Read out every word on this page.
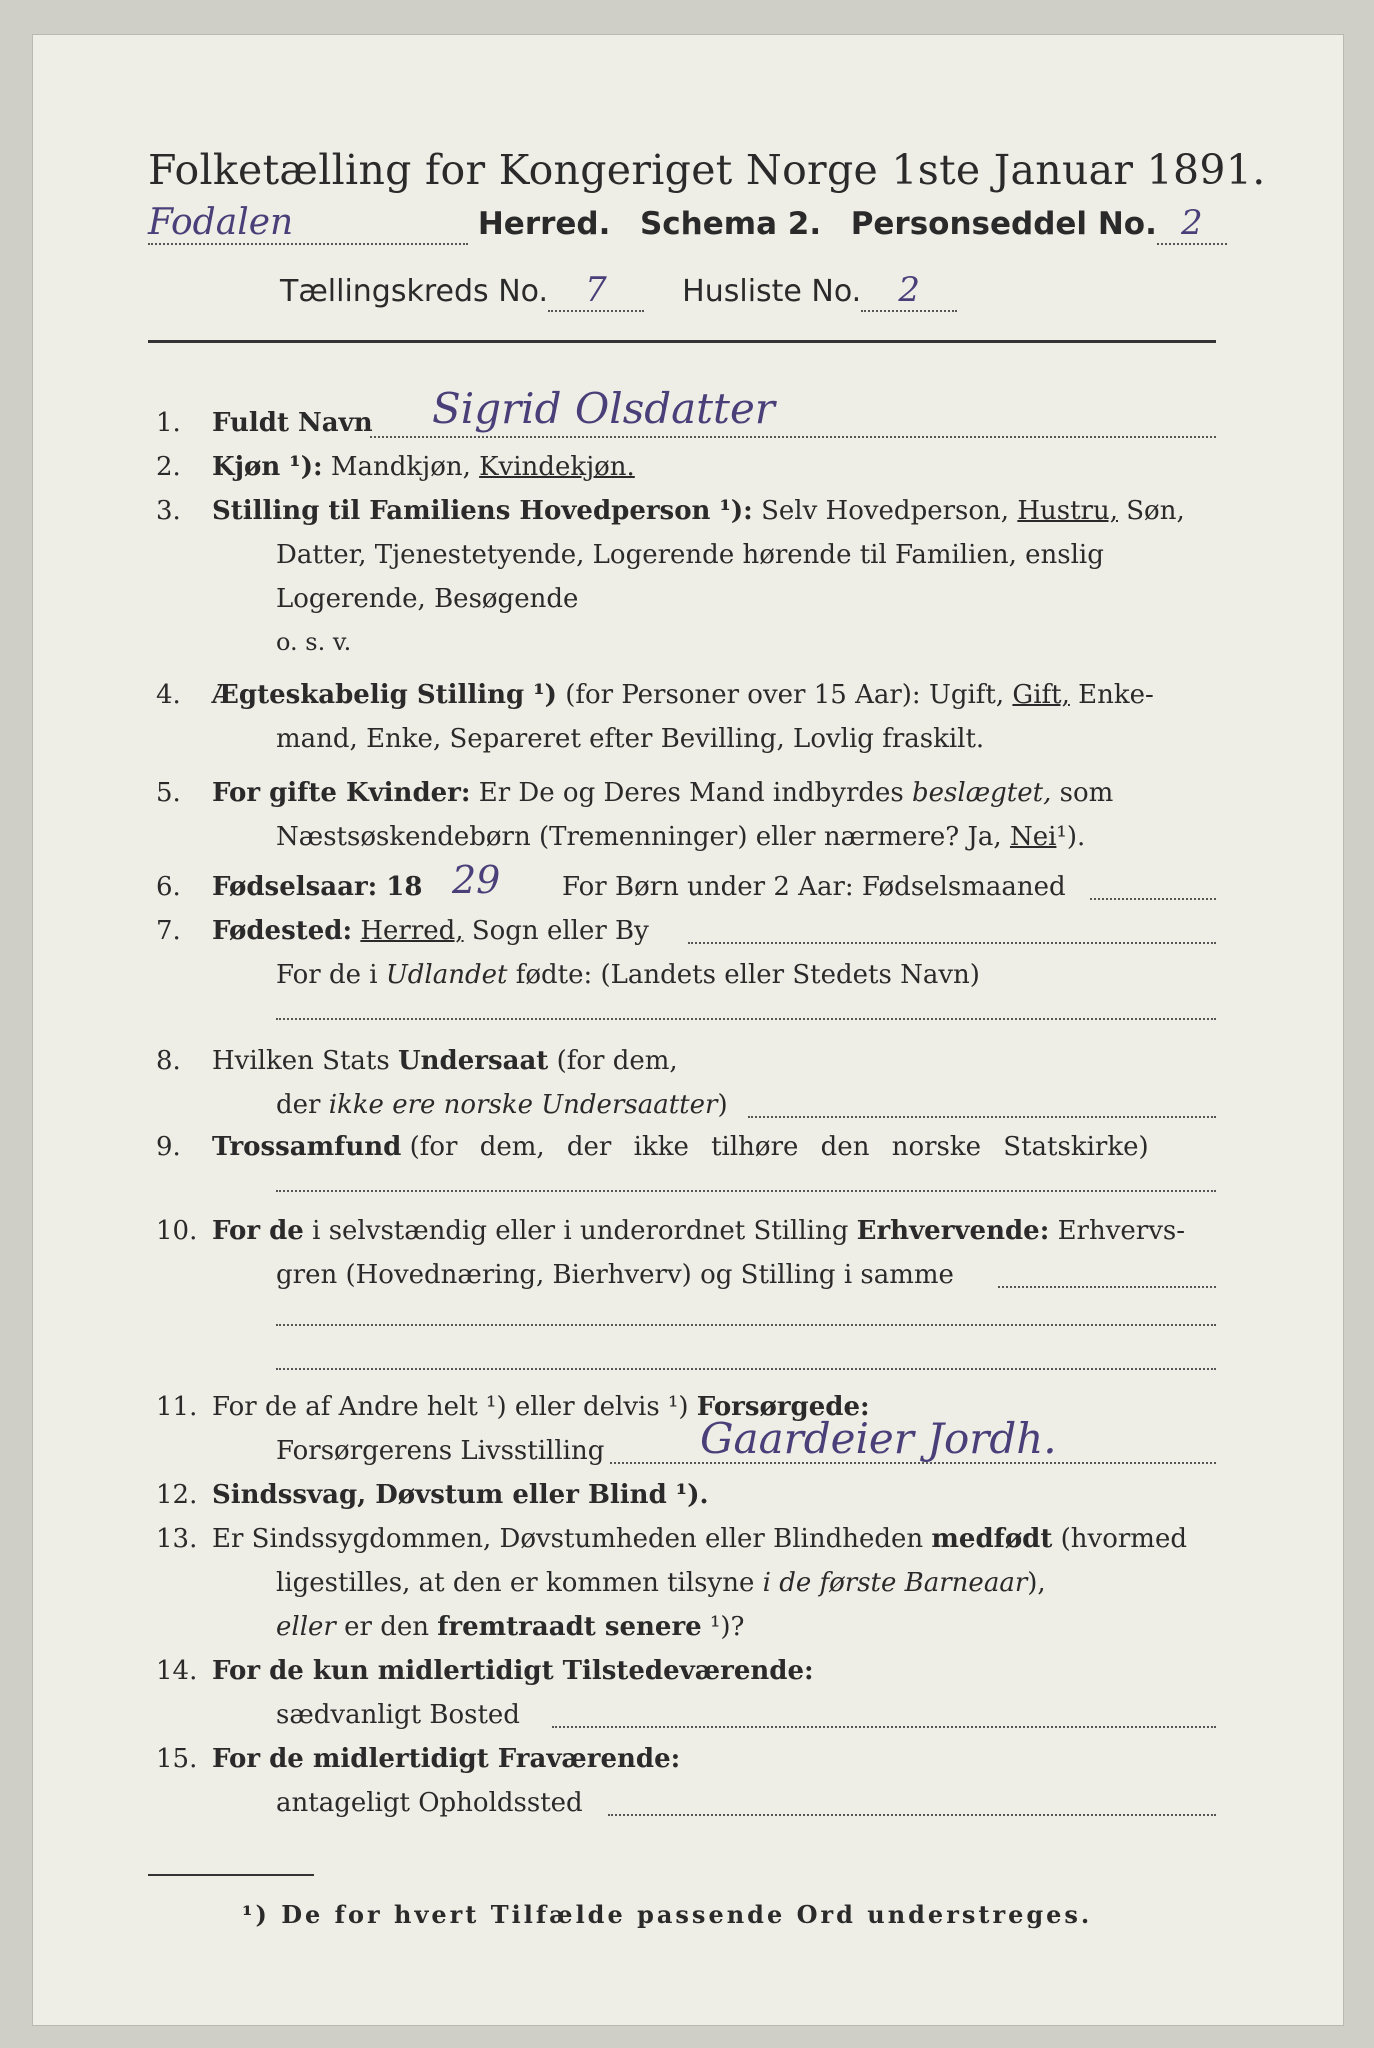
Folketælling for Kongeriget Norge 1ste Januar 1891.
Fodalen	Herred. Schema 2. Personseddel No. 2
Tællingskreds No. 7	Husliste No. 2
1. Fuldt Navn Sigrid Olsdatter
2. Kjøn ¹): Mandkjøn, Kvindekjøn.
3. Stilling til Familiens Hovedperson ¹): Selv Hovedperson, Hustru, Søn,
Datter, Tjenestetyende, Logerende hørende til Familien, enslig
Logerende, Besøgende
o. s. v.
4. Ægteskabelig Stilling ¹) (for Personer over 15 Aar): Ugift, Gift, Enke-
mand, Enke, Separeret efter Bevilling, Lovlig fraskilt.
5. For gifte Kvinder: Er De og Deres Mand indbyrdes beslægtet, som
Næstsøskendebørn (Tremenninger) eller nærmere? Ja, Nei¹).
6. Fødselsaar: 18 29 For Børn under 2 Aar: Fødselsmaaned
7. Fødested: Herred, Sogn eller By
For de i Udlandet fødte: (Landets eller Stedets Navn)
8. Hvilken Stats Undersaat (for dem,
der ikke ere norske Undersaatter)
9. Trossamfund (for dem, der ikke tilhøre den norske Statskirke)
10. For de i selvstændig eller i underordnet Stilling Erhvervende: Erhvervs-
gren (Hovednæring, Bierhverv) og Stilling i samme
11. For de af Andre helt ¹) eller delvis ¹) Forsørgede:
Forsørgerens Livsstilling Gaardeier Jordh.
12. Sindssvag, Døvstum eller Blind ¹).
13. Er Sindssygdommen, Døvstumheden eller Blindheden medfødt (hvormed
ligestilles, at den er kommen tilsyne i de første Barneaar),
eller er den fremtraadt senere ¹)?
14. For de kun midlertidigt Tilstedeværende:
sædvanligt Bosted
15. For de midlertidigt Fraværende:
antageligt Opholdssted
¹) De for hvert Tilfælde passende Ord understreges.
